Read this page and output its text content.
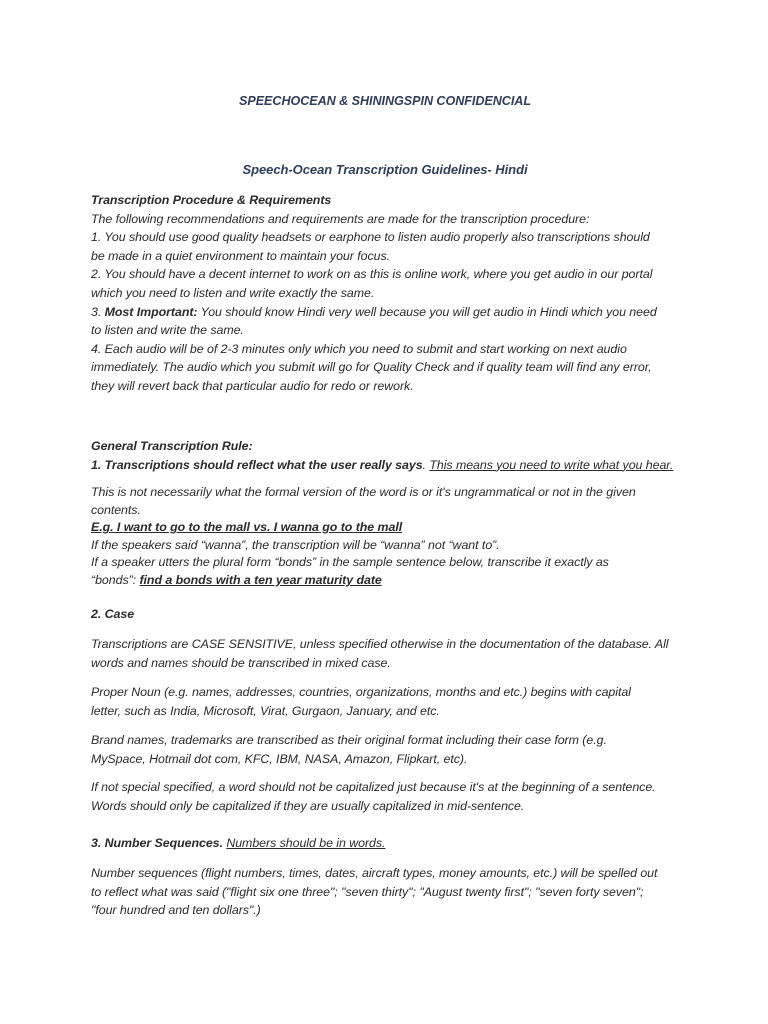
SPEECHOCEAN & SHININGSPIN CONFIDENCIAL
Speech-Ocean Transcription Guidelines- Hindi
Transcription Procedure & Requirements
The following recommendations and requirements are made for the transcription procedure:
1. You should use good quality headsets or earphone to listen audio properly also transcriptions should
be made in a quiet environment to maintain your focus.
2. You should have a decent internet to work on as this is online work, where you get audio in our portal
which you need to listen and write exactly the same.
3. Most Important: You should know Hindi very well because you will get audio in Hindi which you need
to listen and write the same.
4. Each audio will be of 2-3 minutes only which you need to submit and start working on next audio
immediately. The audio which you submit will go for Quality Check and if quality team will find any error,
they will revert back that particular audio for redo or rework.
General Transcription Rule:
1. Transcriptions should reflect what the user really says. This means you need to write what you hear.
This is not necessarily what the formal version of the word is or it's ungrammatical or not in the given
contents.
E.g. I want to go to the mall vs. I wanna go to the mall
If the speakers said “wanna”, the transcription will be “wanna” not “want to”.
If a speaker utters the plural form “bonds” in the sample sentence below, transcribe it exactly as
“bonds”: find a bonds with a ten year maturity date
2. Case
Transcriptions are CASE SENSITIVE, unless specified otherwise in the documentation of the database. All
words and names should be transcribed in mixed case.
Proper Noun (e.g. names, addresses, countries, organizations, months and etc.) begins with capital
letter, such as India, Microsoft, Virat, Gurgaon, January, and etc.
Brand names, trademarks are transcribed as their original format including their case form (e.g.
MySpace, Hotmail dot com, KFC, IBM, NASA, Amazon, Flipkart, etc).
If not special specified, a word should not be capitalized just because it's at the beginning of a sentence.
Words should only be capitalized if they are usually capitalized in mid-sentence.
3. Number Sequences. Numbers should be in words.
Number sequences (flight numbers, times, dates, aircraft types, money amounts, etc.) will be spelled out
to reflect what was said ("flight six one three"; "seven thirty"; "August twenty first"; "seven forty seven";
"four hundred and ten dollars".)
